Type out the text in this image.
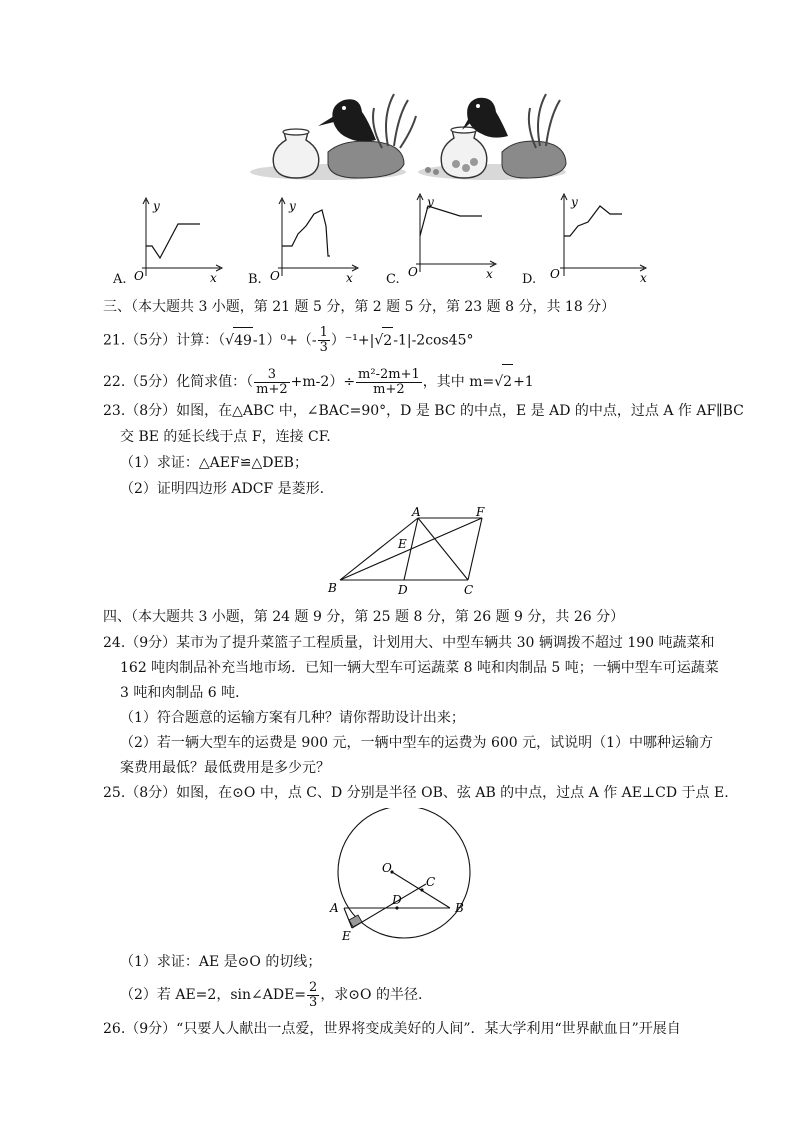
A.
y
x
O	B.
y
x
O	C.
y
x
O	D.
y
x
O
三、（本大题共 3 小题，第 21 题 5 分，第 2 题 5 分，第 23 题 8 分，共 18 分）
21.（5分）计算：$(√49-1)^0+(- \frac{1}{3} )^{-1}+|√2-1|-2\cos 45^\circ$
22.（5分）化简求值：（ $\frac{3}{m+2} +m-2)\div \frac{\text{m²-2m+1}}{m+2}$ ，其中 m=√2+1
23.（8分）如图，在△ABC 中，∠BAC=90°，D 是 BC 的中点，E 是 AD 的中点，过点 A 作 AF∥BC
交 BE 的延长线于点 F，连接 CF.
（1）求证：△AEF≌△DEB；
（2）证明四边形 ADCF 是菱形.
A	F
E
B	D	C
四、（本大题共 3 小题，第 24 题 9 分，第 25 题 8 分，第 26 题 9 分，共 26 分）
24.（9分）某市为了提升菜篮子工程质量，计划用大、中型车辆共 30 辆调拨不超过 190 吨蔬菜和
162 吨肉制品补充当地市场．已知一辆大型车可运蔬菜 8 吨和肉制品 5 吨；一辆中型车可运蔬菜
3 吨和肉制品 6 吨．
（1）符合题意的运输方案有几种？请你帮助设计出来；
（2）若一辆大型车的运费是 900 元，一辆中型车的运费为 600 元，试说明（1）中哪种运输方
案费用最低？最低费用是多少元？
25.（8分）如图，在⊙O 中，点 C、D 分别是半径 OB、弦 AB 的中点，过点 A 作 AE⊥CD 于点 E.
O
C
A
D
B
E
（1）求证：AE 是⊙O 的切线；
（2）若 AE=2，sin∠ADE= $\frac{2}{3}$ ，求⊙O 的半径.
26.（9分）“只要人人献出一点爱，世界将变成美好的人间”．某大学利用“世界献血日”开展自
